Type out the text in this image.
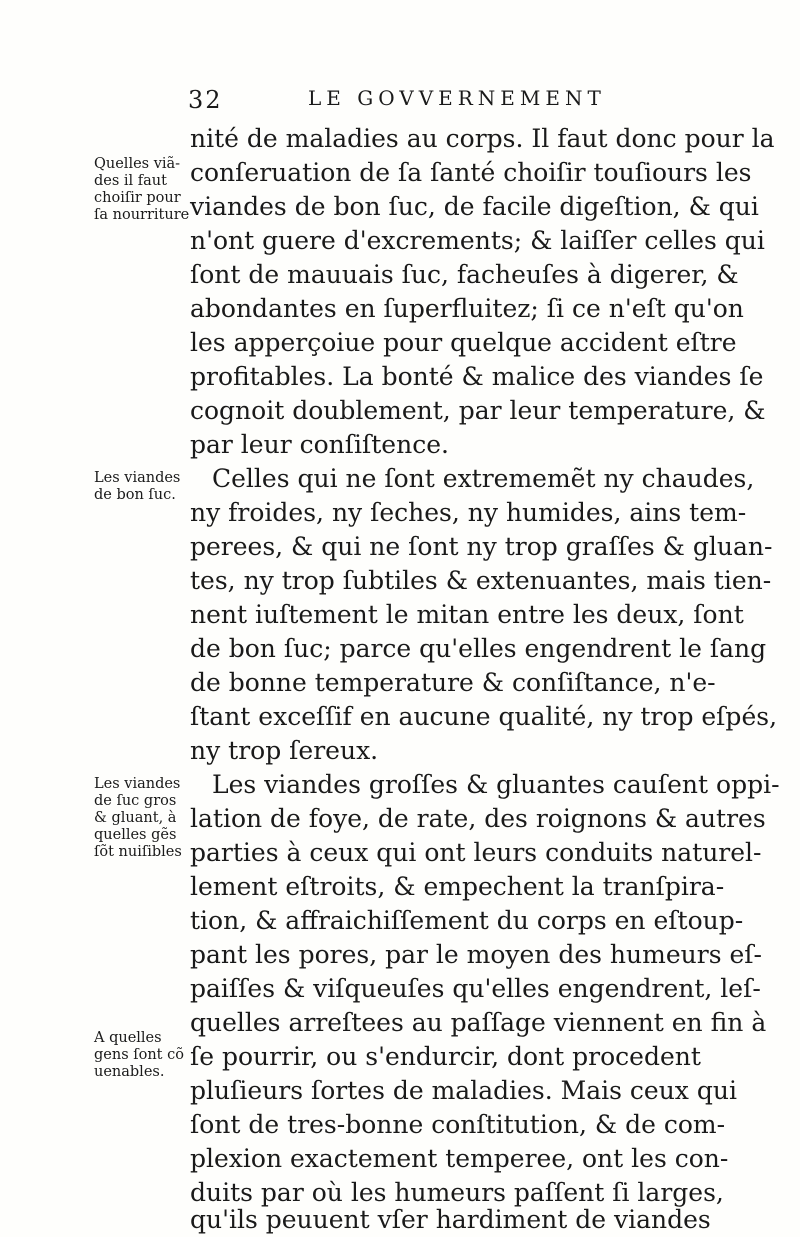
32	LE GOVVERNEMENT
nité de maladies au corps. Il faut donc pour la
conſeruation de ſa ſanté choiſir touſiours les
viandes de bon ſuc, de facile digeſtion, & qui
n'ont guere d'excrements; & laiſſer celles qui
ſont de mauuais ſuc, facheuſes à digerer, &
abondantes en ſuperfluitez; ſi ce n'eſt qu'on
les apperçoiue pour quelque accident eſtre
profitables. La bonté & malice des viandes ſe
cognoit doublement, par leur temperature, &
par leur conſiſtence.
Celles qui ne ſont extrememẽt ny chaudes,
ny froides, ny ſeches, ny humides, ains tem-
perees, & qui ne ſont ny trop graſſes & gluan-
tes, ny trop ſubtiles & extenuantes, mais tien-
nent iuſtement le mitan entre les deux, ſont
de bon ſuc; parce qu'elles engendrent le ſang
de bonne temperature & conſiſtance, n'e-
ſtant exceſſif en aucune qualité, ny trop eſpés,
ny trop ſereux.
Les viandes groſſes & gluantes cauſent oppi-
lation de foye, de rate, des roignons & autres
parties à ceux qui ont leurs conduits naturel-
lement eſtroits, & empechent la tranſpira-
tion, & affraichiſſement du corps en eſtoup-
pant les pores, par le moyen des humeurs eſ-
paiſſes & viſqueuſes qu'elles engendrent, leſ-
quelles arreſtees au paſſage viennent en fin à
ſe pourrir, ou s'endurcir, dont procedent
pluſieurs ſortes de maladies. Mais ceux qui
ſont de tres-bonne conſtitution, & de com-
plexion exactement temperee, ont les con-
duits par où les humeurs paſſent ſi larges,
qu'ils peuuent vſer hardiment de viandes
Quelles viã-
des il faut
choiſir pour
ſa nourriture
Les viandes
de bon ſuc.
Les viandes
de ſuc gros
& gluant, à
quelles gẽs
ſõt nuiſibles
A quelles
gens ſont cõ
uenables.
